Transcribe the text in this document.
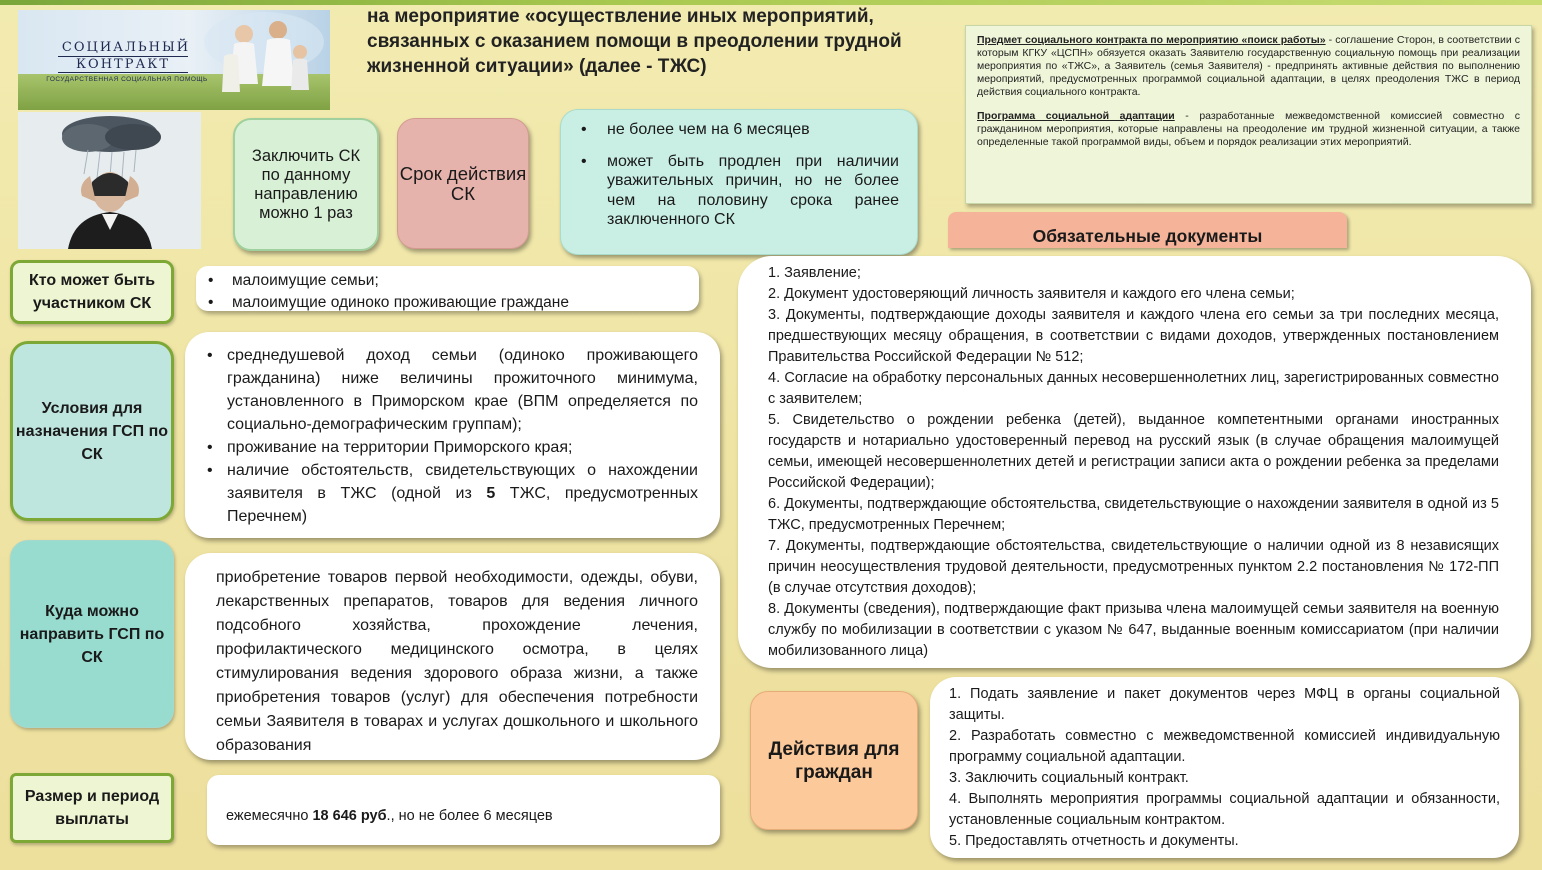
СОЦИАЛЬНЫЙ
КОНТРАКТ
ГОСУДАРСТВЕННАЯ СОЦИАЛЬНАЯ ПОМОЩЬ
на мероприятие «осуществление иных мероприятий, связанных с оказанием помощи в преодолении трудной жизненной ситуации» (далее - ТЖС)
Заключить СК по данному направлению можно 1 раз
Срок действия СК
• не более чем на 6 месяцев
• может быть продлен при наличии уважительных причин, но не более чем на половину срока ранее заключенного СК

Предмет социального контракта по мероприятию «поиск работы» - соглашение Сторон, в соответствии с которым КГКУ «ЦСПН» обязуется оказать Заявителю государственную социальную помощь при реализации мероприятия по «ТЖС», а Заявитель (семья Заявителя) - предпринять активные действия по выполнению мероприятий, предусмотренных программой социальной адаптации, в целях преодоления ТЖС в период действия социального контракта.

Программа социальной адаптации - разработанные межведомственной комиссией совместно с гражданином мероприятия, которые направлены на преодоление им трудной жизненной ситуации, а также определенные такой программой виды, объем и порядок реализации этих мероприятий.

Обязательные документы
1. Заявление;
2. Документ удостоверяющий личность заявителя и каждого его члена семьи;
3. Документы, подтверждающие доходы заявителя и каждого члена его семьи за три последних месяца, предшествующих месяцу обращения, в соответствии с видами доходов, утвержденных постановлением Правительства Российской Федерации № 512;
4. Согласие на обработку персональных данных несовершеннолетних лиц, зарегистрированных совместно с заявителем;
5. Свидетельство о рождении ребенка (детей), выданное компетентными органами иностранных государств и нотариально удостоверенный перевод на русский язык (в случае обращения малоимущей семьи, имеющей несовершеннолетних детей и регистрации записи акта о рождении ребенка за пределами Российской Федерации);
6. Документы, подтверждающие обстоятельства, свидетельствующие о нахождении заявителя в одной из 5 ТЖС, предусмотренных Перечнем;
7. Документы, подтверждающие обстоятельства, свидетельствующие о наличии одной из 8 независящих причин неосуществления трудовой деятельности, предусмотренных пунктом 2.2 постановления № 172-ПП (в случае отсутствия доходов);
8. Документы (сведения), подтверждающие факт призыва члена малоимущей семьи заявителя на военную службу по мобилизации в соответствии с указом № 647, выданные военным комиссариатом (при наличии мобилизованного лица)
Кто может быть участником СК
• малоимущие семьи;
• малоимущие одиноко проживающие граждане
Условия для назначения ГСП по СК
• среднедушевой доход семьи (одиноко проживающего гражданина) ниже величины прожиточного минимума, установленного в Приморском крае (ВПМ определяется по социально-демографическим группам);
• проживание на территории Приморского края;
• наличие обстоятельств, свидетельствующих о нахождении заявителя в ТЖС (одной из 5 ТЖС, предусмотренных Перечнем)
Куда можно направить ГСП по СК
приобретение товаров первой необходимости, одежды, обуви, лекарственных препаратов, товаров для ведения личного подсобного хозяйства, прохождение лечения, профилактического медицинского осмотра, в целях стимулирования ведения здорового образа жизни, а также приобретения товаров (услуг) для обеспечения потребности семьи Заявителя в товарах и услугах дошкольного и школьного образования
Размер и период выплаты	ежемесячно 18 646 руб., но не более 6 месяцев
Действия для граждан

1. Подать заявление и пакет документов через МФЦ в органы социальной защиты.

2. Разработать совместно с межведомственной комиссией индивидуальную программу социальной адаптации.

3. Заключить социальный контракт.

4. Выполнять мероприятия программы социальной адаптации и обязанности, установленные социальным контрактом.

5. Предоставлять отчетность и документы.
